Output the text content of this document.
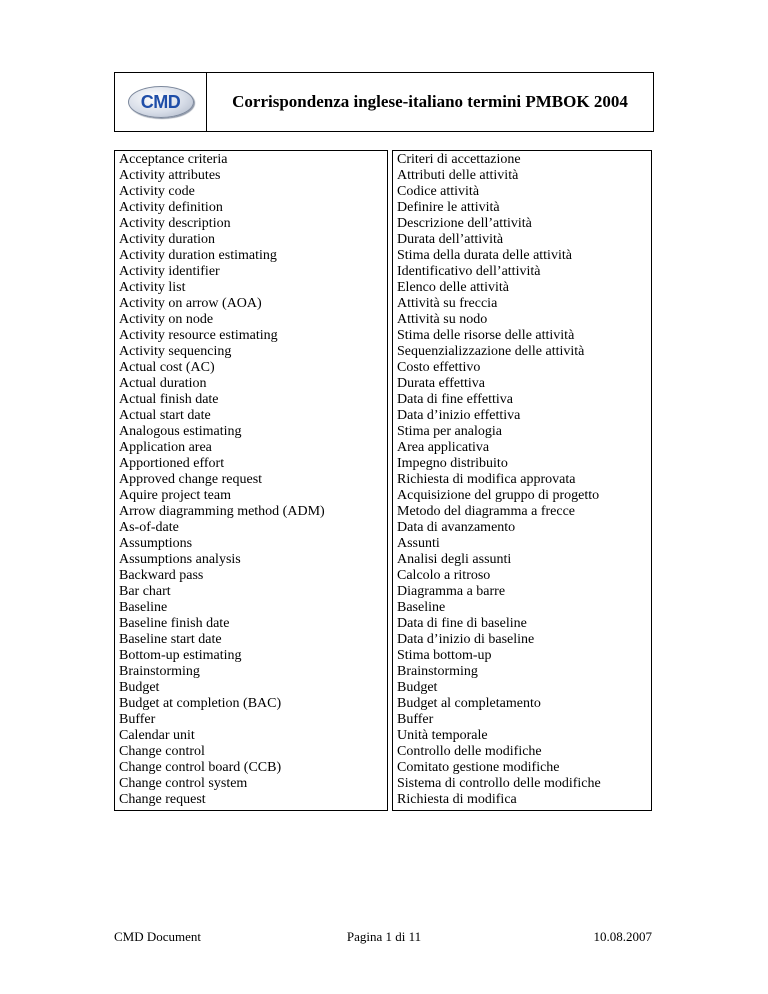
CMD	Corrispondenza inglese-italiano termini PMBOK 2004
Acceptance criteria		Criteri di accettazione
Activity attributes		Attributi delle attività
Activity code		Codice attività
Activity definition		Definire le attività
Activity description		Descrizione dell’attività
Activity duration		Durata dell’attività
Activity duration estimating		Stima della durata delle attività
Activity identifier		Identificativo dell’attività
Activity list		Elenco delle attività
Activity on arrow (AOA)		Attività su freccia
Activity on node		Attività su nodo
Activity resource estimating		Stima delle risorse delle attività
Activity sequencing		Sequenzializzazione delle attività
Actual cost (AC)		Costo effettivo
Actual duration		Durata effettiva
Actual finish date		Data di fine effettiva
Actual start date		Data d’inizio effettiva
Analogous estimating		Stima per analogia
Application area		Area applicativa
Apportioned effort		Impegno distribuito
Approved change request		Richiesta di modifica approvata
Aquire project team		Acquisizione del gruppo di progetto
Arrow diagramming method (ADM)		Metodo del diagramma a frecce
As-of-date		Data di avanzamento
Assumptions		Assunti
Assumptions analysis		Analisi degli assunti
Backward pass		Calcolo a ritroso
Bar chart		Diagramma a barre
Baseline		Baseline
Baseline finish date		Data di fine di baseline
Baseline start date		Data d’inizio di baseline
Bottom-up estimating		Stima bottom-up
Brainstorming		Brainstorming
Budget		Budget
Budget at completion (BAC)		Budget al completamento
Buffer		Buffer
Calendar unit		Unità temporale
Change control		Controllo delle modifiche
Change control board (CCB)		Comitato gestione modifiche
Change control system		Sistema di controllo delle modifiche
Change request		Richiesta di modifica
CMD Document	Pagina 1 di 11	10.08.2007
